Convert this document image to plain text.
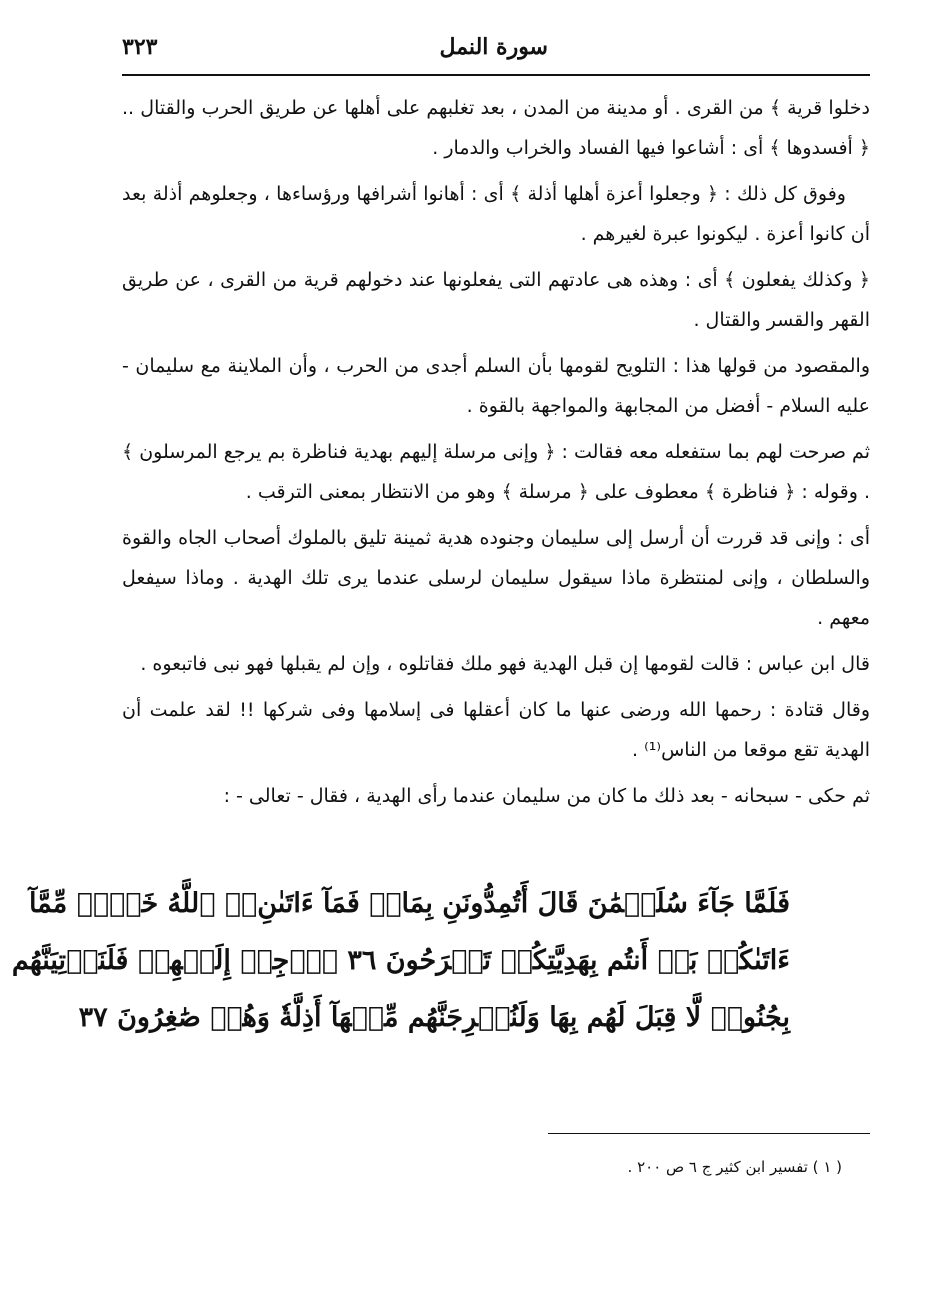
سورة النمل
٣٢٣

دخلوا قرية ﴾ من القرى . أو مدينة من المدن ، بعد تغلبهم على أهلها عن طريق الحرب والقتال .. ﴿ أفسدوها ﴾ أى : أشاعوا فيها الفساد والخراب والدمار .

وفوق كل ذلك : ﴿ وجعلوا أعزة أهلها أذلة ﴾ أى : أهانوا أشرافها ورؤساءها ، وجعلوهم أذلة بعد أن كانوا أعزة . ليكونوا عبرة لغيرهم .

﴿ وكذلك يفعلون ﴾ أى : وهذه هى عادتهم التى يفعلونها عند دخولهم قرية من القرى ، عن طريق القهر والقسر والقتال .

والمقصود من قولها هذا : التلويح لقومها بأن السلم أجدى من الحرب ، وأن الملاينة مع سليمان - عليه السلام - أفضل من المجابهة والمواجهة بالقوة .

ثم صرحت لهم بما ستفعله معه فقالت : ﴿ وإنى مرسلة إليهم بهدية فناظرة بم يرجع المرسلون ﴾ . وقوله : ﴿ فناظرة ﴾ معطوف على ﴿ مرسلة ﴾ وهو من الانتظار بمعنى الترقب .

أى : وإنى قد قررت أن أرسل إلى سليمان وجنوده هدية ثمينة تليق بالملوك أصحاب الجاه والقوة والسلطان ، وإنى لمنتظرة ماذا سيقول سليمان لرسلى عندما يرى تلك الهدية . وماذا سيفعل معهم .

قال ابن عباس : قالت لقومها إن قبل الهدية فهو ملك فقاتلوه ، وإن لم يقبلها فهو نبى فاتبعوه .

وقال قتادة : رحمها الله ورضى عنها ما كان أعقلها فى إسلامها وفى شركها !! لقد علمت أن الهدية تقع موقعا من الناس⁽¹⁾ .

ثم حكى - سبحانه - بعد ذلك ما كان من سليمان عندما رأى الهدية ، فقال - تعالى - :

فَلَمَّا جَآءَ سُلَيۡمَٰنَ قَالَ أَتُمِدُّونَنِ بِمَالٖ فَمَآ ءَاتَىٰنِۦَ ٱللَّهُ خَيۡرٞ مِّمَّآ
ءَاتَىٰكُمۚ بَلۡ أَنتُم بِهَدِيَّتِكُمۡ تَفۡرَحُونَ ٣٦ ٱرۡجِعۡ إِلَيۡهِمۡ فَلَنَأۡتِيَنَّهُم
بِجُنُودٖ لَّا قِبَلَ لَهُم بِهَا وَلَنُخۡرِجَنَّهُم مِّنۡهَآ أَذِلَّةٗ وَهُمۡ صَٰغِرُونَ ٣٧
( ١ ) تفسير ابن كثير ج ٦ ص ٢٠٠ .
